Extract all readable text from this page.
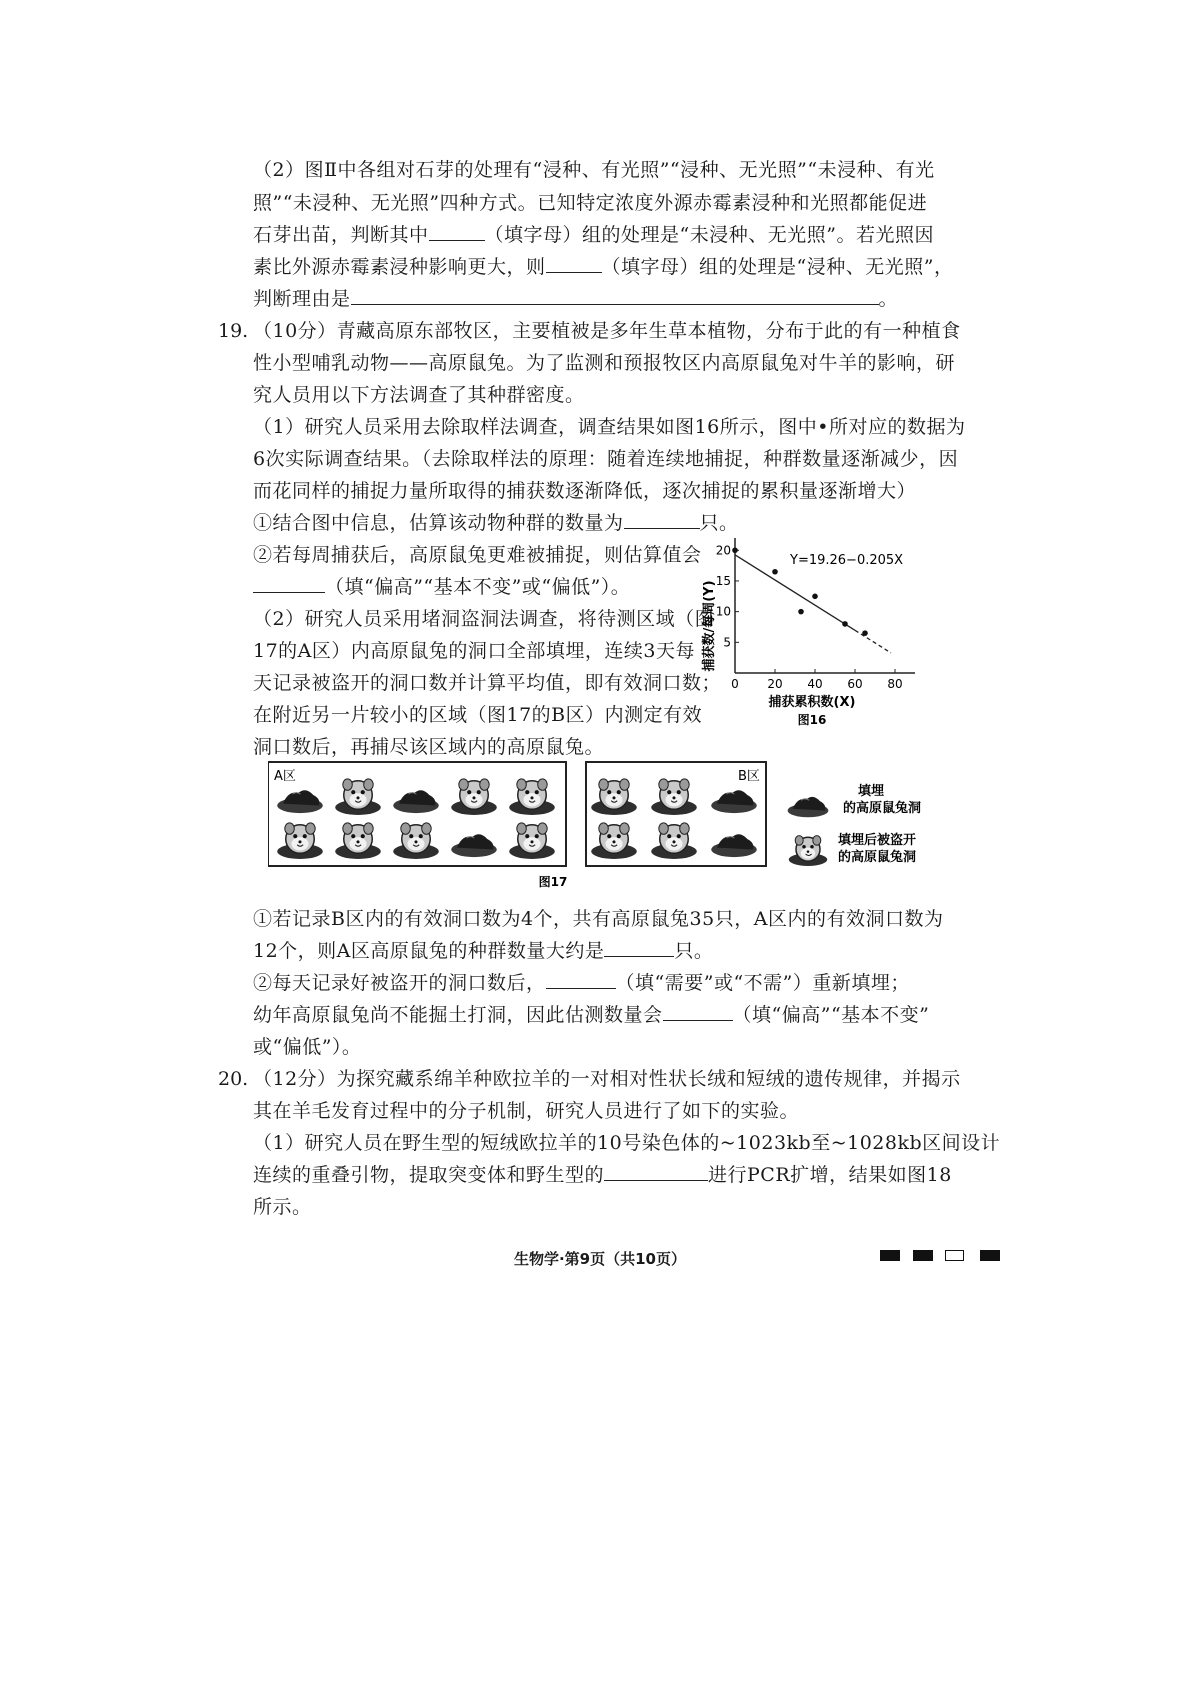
（2）图Ⅱ中各组对石芽的处理有“浸种、有光照”“浸种、无光照”“未浸种、有光
照”“未浸种、无光照”四种方式。已知特定浓度外源赤霉素浸种和光照都能促进
石芽出苗，判断其中	（填字母）组的处理是“未浸种、无光照”。若光照因
素比外源赤霉素浸种影响更大，则	（填字母）组的处理是“浸种、无光照”，
判断理由是	。
19. （10分）青藏高原东部牧区，主要植被是多年生草本植物，分布于此的有一种植食
性小型哺乳动物——高原鼠兔。为了监测和预报牧区内高原鼠兔对牛羊的影响，研
究人员用以下方法调查了其种群密度。
（1）研究人员采用去除取样法调查，调查结果如图16所示，图中•所对应的数据为
6次实际调查结果。（去除取样法的原理：随着连续地捕捉，种群数量逐渐减少，因
而花同样的捕捉力量所取得的捕获数逐渐降低，逐次捕捉的累积量逐渐增大）
①结合图中信息，估算该动物种群的数量为	只。
②若每周捕获后，高原鼠兔更难被捕捉，则估算值会
（填“偏高”“基本不变”或“偏低”）。
（2）研究人员采用堵洞盗洞法调查，将待测区域（图
17的A区）内高原鼠兔的洞口全部填埋，连续3天每
天记录被盗开的洞口数并计算平均值，即有效洞口数；
在附近另一片较小的区域（图17的B区）内测定有效
洞口数后，再捕尽该区域内的高原鼠兔。
20
15
10
5
0 20 40 60 80
Y=19.26−0.205X
捕获数/每周(Y)
捕获累积数(X)
图16
A区	B区
填埋
的高原鼠兔洞
填埋后被盗开
的高原鼠兔洞
图17
①若记录B区内的有效洞口数为4个，共有高原鼠兔35只，A区内的有效洞口数为
12个，则A区高原鼠兔的种群数量大约是	只。
②每天记录好被盗开的洞口数后，	（填“需要”或“不需”）重新填埋；
幼年高原鼠兔尚不能掘土打洞，因此估测数量会	（填“偏高”“基本不变”
或“偏低”）。
20. （12分）为探究藏系绵羊种欧拉羊的一对相对性状长绒和短绒的遗传规律，并揭示
其在羊毛发育过程中的分子机制，研究人员进行了如下的实验。
（1）研究人员在野生型的短绒欧拉羊的10号染色体的~1023kb至~1028kb区间设计
连续的重叠引物，提取突变体和野生型的	进行PCR扩增，结果如图18
所示。
生物学·第9页（共10页）
